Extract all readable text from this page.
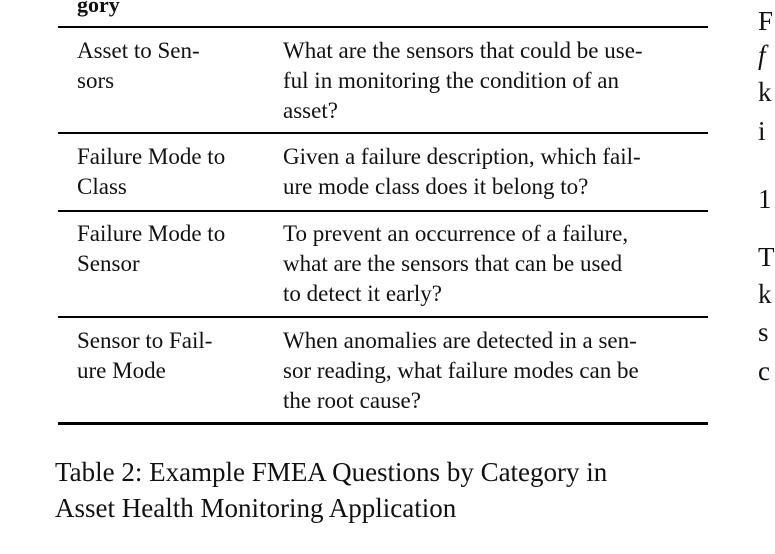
gory
Asset to Sen-
sors
What are the sensors that could be use-
ful in monitoring the condition of an
asset?
Failure Mode to
Class
Given a failure description, which fail-
ure mode class does it belong to?
Failure Mode to
Sensor
To prevent an occurrence of a failure,
what are the sensors that can be used
to detect it early?
Sensor to Fail-
ure Mode
When anomalies are detected in a sen-
sor reading, what failure modes can be
the root cause?
Table 2: Example FMEA Questions by Category in
Asset Health Monitoring Application
F
f
k
i
1
T
k
s
c
